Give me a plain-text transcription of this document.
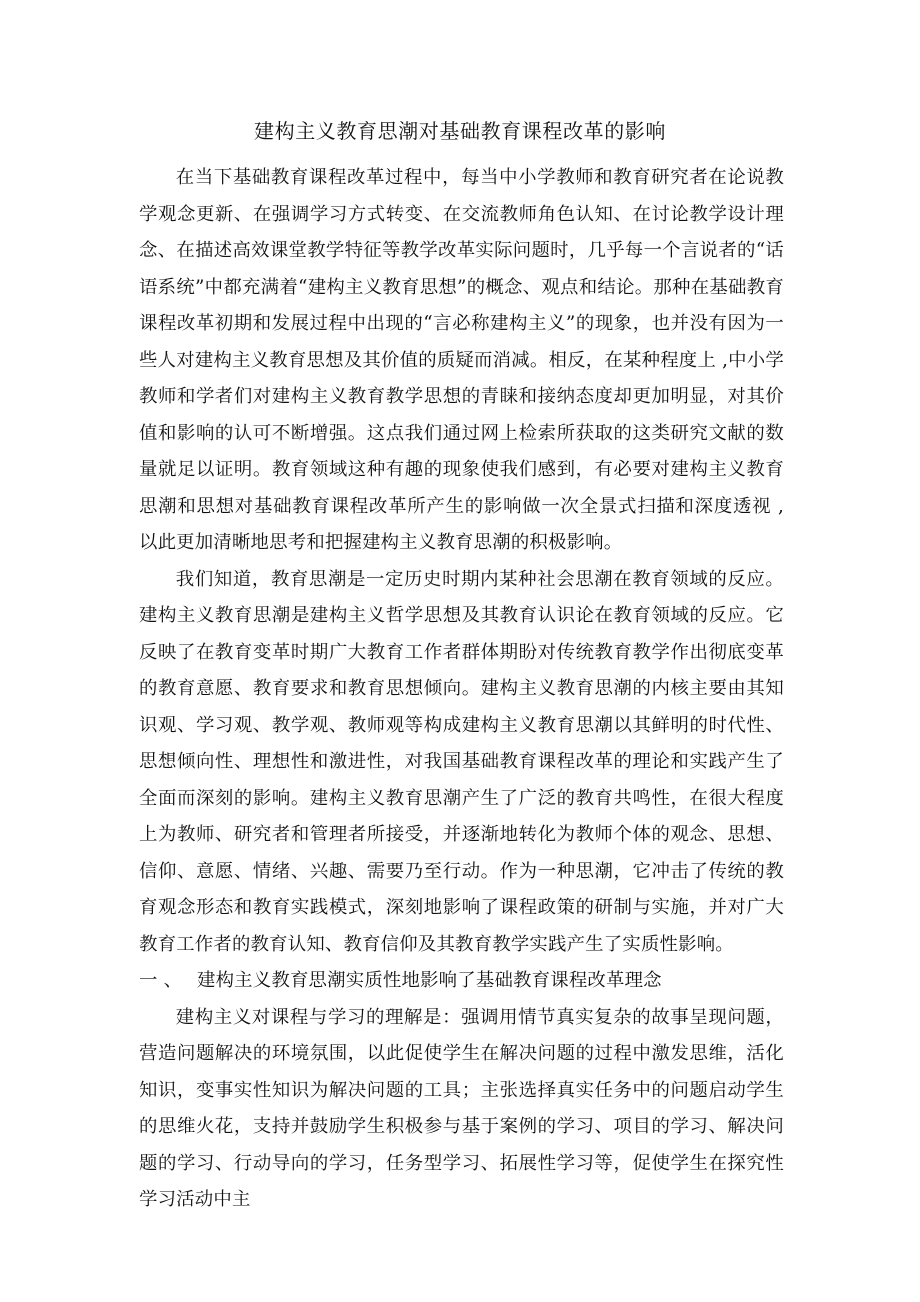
建构主义教育思潮对基础教育课程改革的影响

在当下基础教育课程改革过程中，每当中小学教师和教育研究者在论说教学观念更新、在强调学习方式转变、在交流教师角色认知、在讨论教学设计理念、在描述高效课堂教学特征等教学改革实际问题时，几乎每一个言说者的“话语系统”中都充满着“建构主义教育思想”的概念、观点和结论。那种在基础教育课程改革初期和发展过程中出现的“言必称建构主义”的现象，也并没有因为一些人对建构主义教育思想及其价值的质疑而消减。相反，在某种程度上 ,中小学教师和学者们对建构主义教育教学思想的青睐和接纳态度却更加明显，对其价值和影响的认可不断增强。这点我们通过网上检索所获取的这类研究文献的数量就足以证明。教育领域这种有趣的现象使我们感到，有必要对建构主义教育思潮和思想对基础教育课程改革所产生的影响做一次全景式扫描和深度透视 , 以此更加清晰地思考和把握建构主义教育思潮的积极影响。

我们知道，教育思潮是一定历史时期内某种社会思潮在教育领域的反应。建构主义教育思潮是建构主义哲学思想及其教育认识论在教育领域的反应。它反映了在教育变革时期广大教育工作者群体期盼对传统教育教学作出彻底变革的教育意愿、教育要求和教育思想倾向。建构主义教育思潮的内核主要由其知识观、学习观、教学观、教师观等构成建构主义教育思潮以其鲜明的时代性、思想倾向性、理想性和激进性，对我国基础教育课程改革的理论和实践产生了全面而深刻的影响。建构主义教育思潮产生了广泛的教育共鸣性，在很大程度上为教师、研究者和管理者所接受，并逐渐地转化为教师个体的观念、思想、信仰、意愿、情绪、兴趣、需要乃至行动。作为一种思潮，它冲击了传统的教育观念形态和教育实践模式，深刻地影响了课程政策的研制与实施，并对广大教育工作者的教育认知、教育信仰及其教育教学实践产生了实质性影响。

一 、 建构主义教育思潮实质性地影响了基础教育课程改革理念

建构主义对课程与学习的理解是：强调用情节真实复杂的故事呈现问题，营造问题解决的环境氛围，以此促使学生在解决问题的过程中激发思维，活化知识，变事实性知识为解决问题的工具；主张选择真实任务中的问题启动学生的思维火花，支持并鼓励学生积极参与基于案例的学习、项目的学习、解决问题的学习、行动导向的学习，任务型学习、拓展性学习等，促使学生在探究性学习活动中主
